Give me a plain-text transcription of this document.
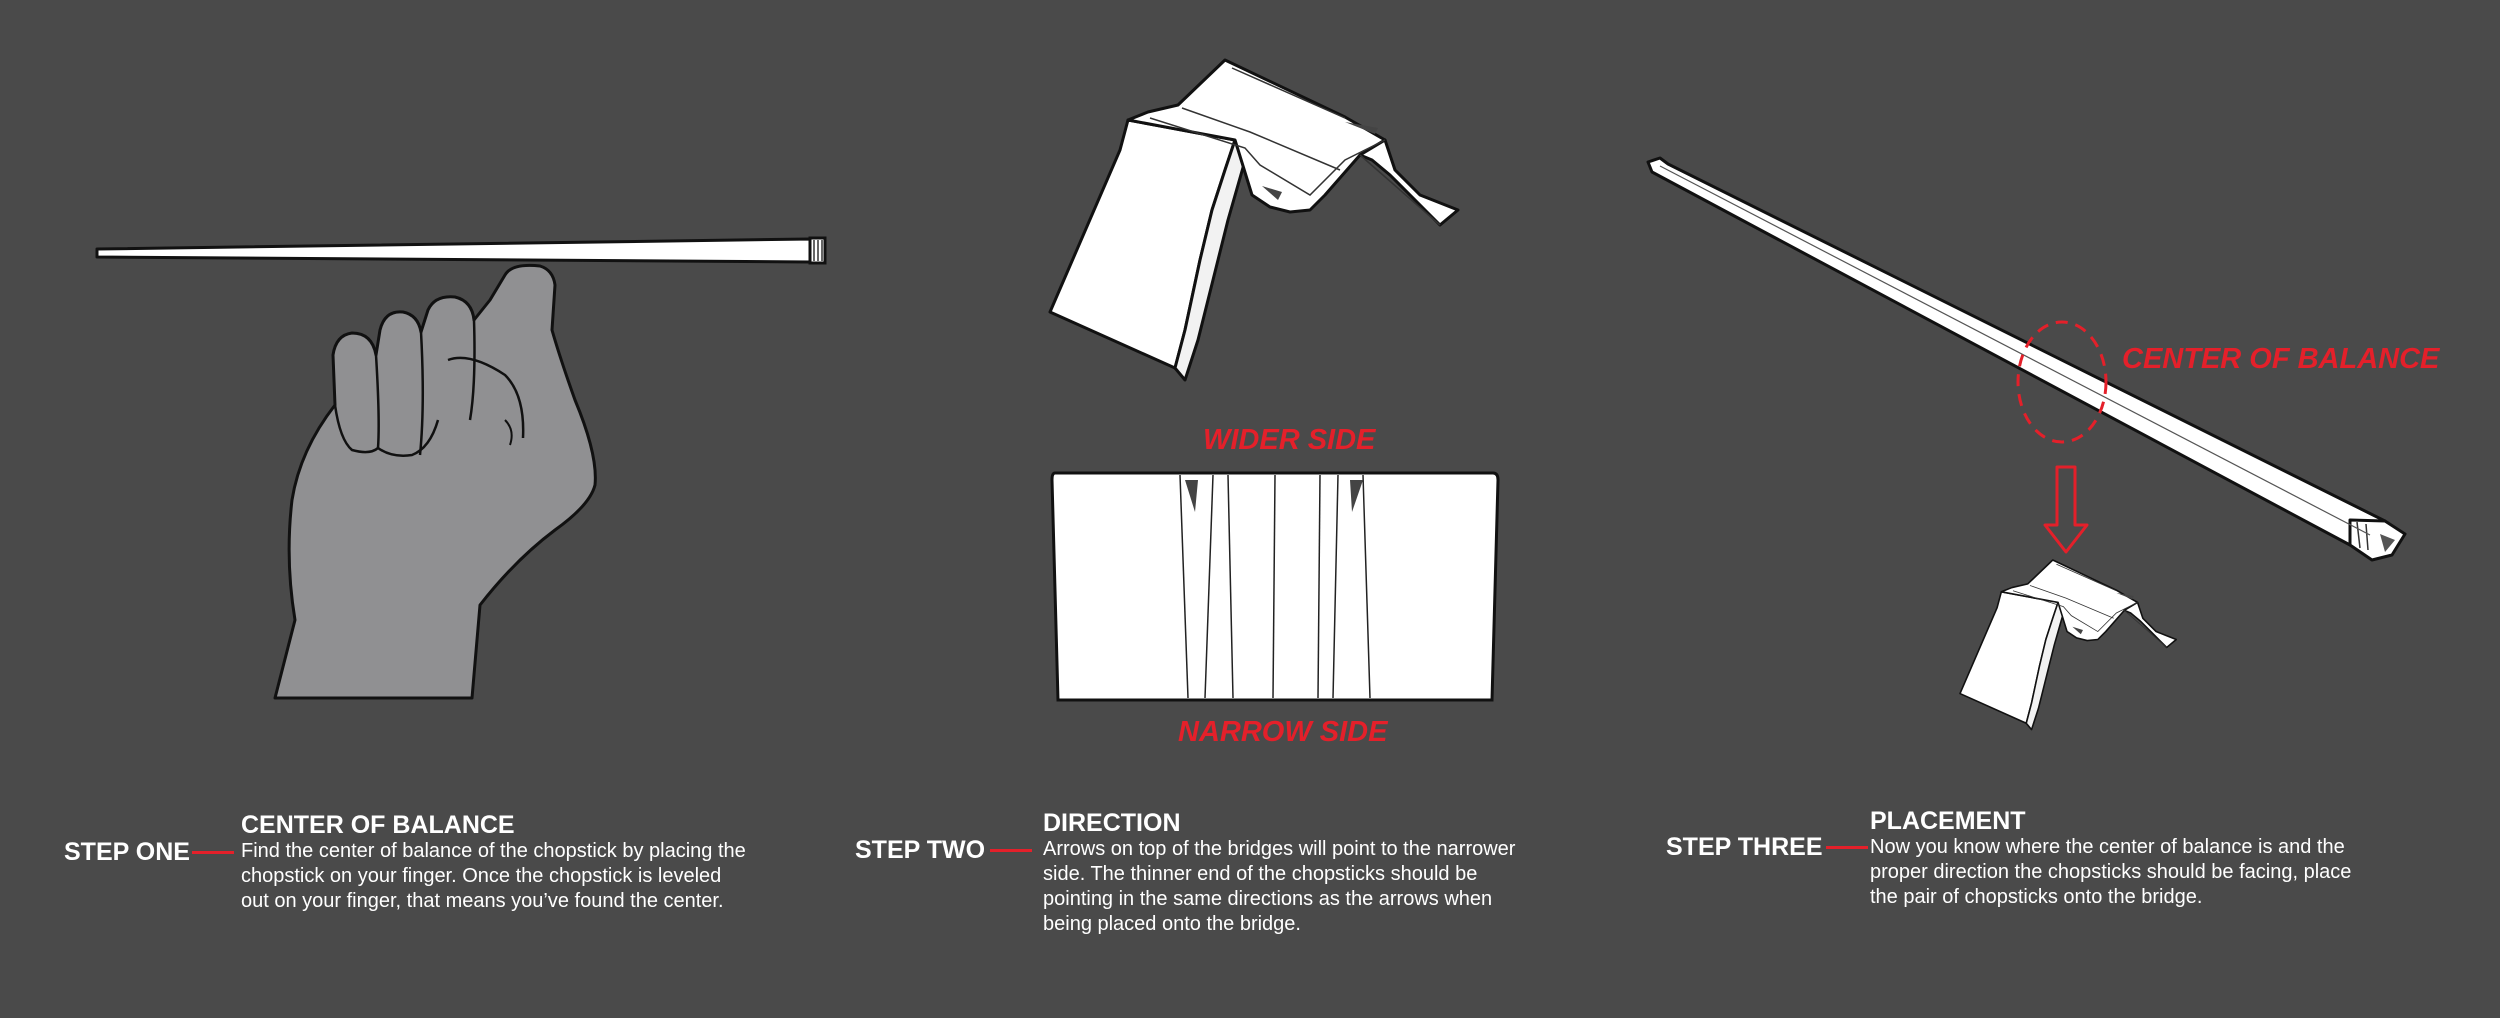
WIDER SIDE
NARROW SIDE
CENTER OF BALANCE
STEP ONE
CENTER OF BALANCE
Find the center of balance of the chopstick by placing the
chopstick on your finger. Once the chopstick is leveled
out on your finger, that means you’ve found the center.
STEP TWO
DIRECTION
Arrows on top of the bridges will point to the narrower
side. The thinner end of the chopsticks should be
pointing in the same directions as the arrows when
being placed onto the bridge.
STEP THREE
PLACEMENT
Now you know where the center of balance is and the
proper direction the chopsticks should be facing, place
the pair of chopsticks onto the bridge.
